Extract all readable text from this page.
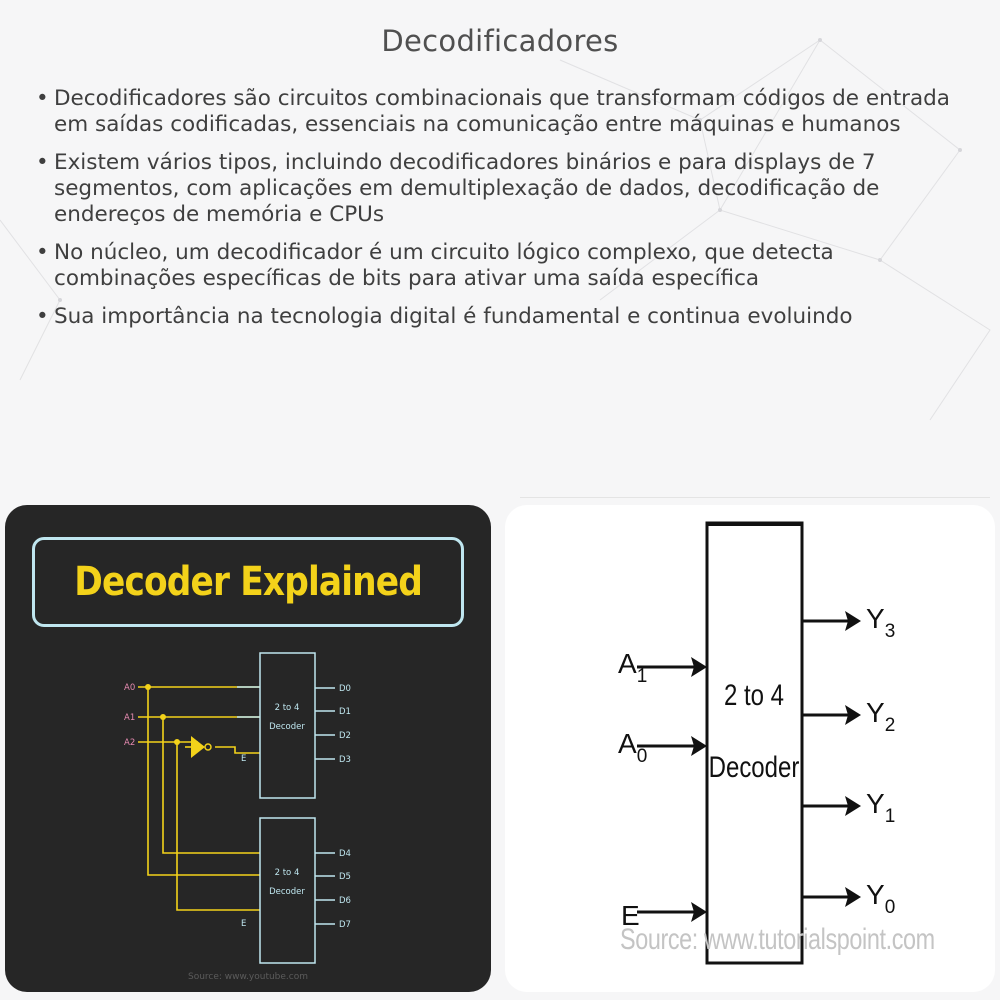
Decodificadores
• Decodificadores são circuitos combinacionais que transformam códigos de entrada em saídas codificadas, essenciais na comunicação entre máquinas e humanos
• Existem vários tipos, incluindo decodificadores binários e para displays de 7 segmentos, com aplicações em demultiplexação de dados, decodificação de endereços de memória e CPUs
• No núcleo, um decodificador é um circuito lógico complexo, que detecta combinações específicas de bits para ativar uma saída específica
• Sua importância na tecnologia digital é fundamental e continua evoluindo
Decoder Explained
A0
A1
A2
2 to 4
Decoder
2 to 4
Decoder
E
E
D0
D1
D2
D3
D4
D5
D6
D7
Source: www.youtube.com
2 to 4
Decoder
$A_1$
$A_0$
E
$Y_3$
$Y_2$
$Y_1$
$Y_0$
Source: www.tutorialspoint.com
